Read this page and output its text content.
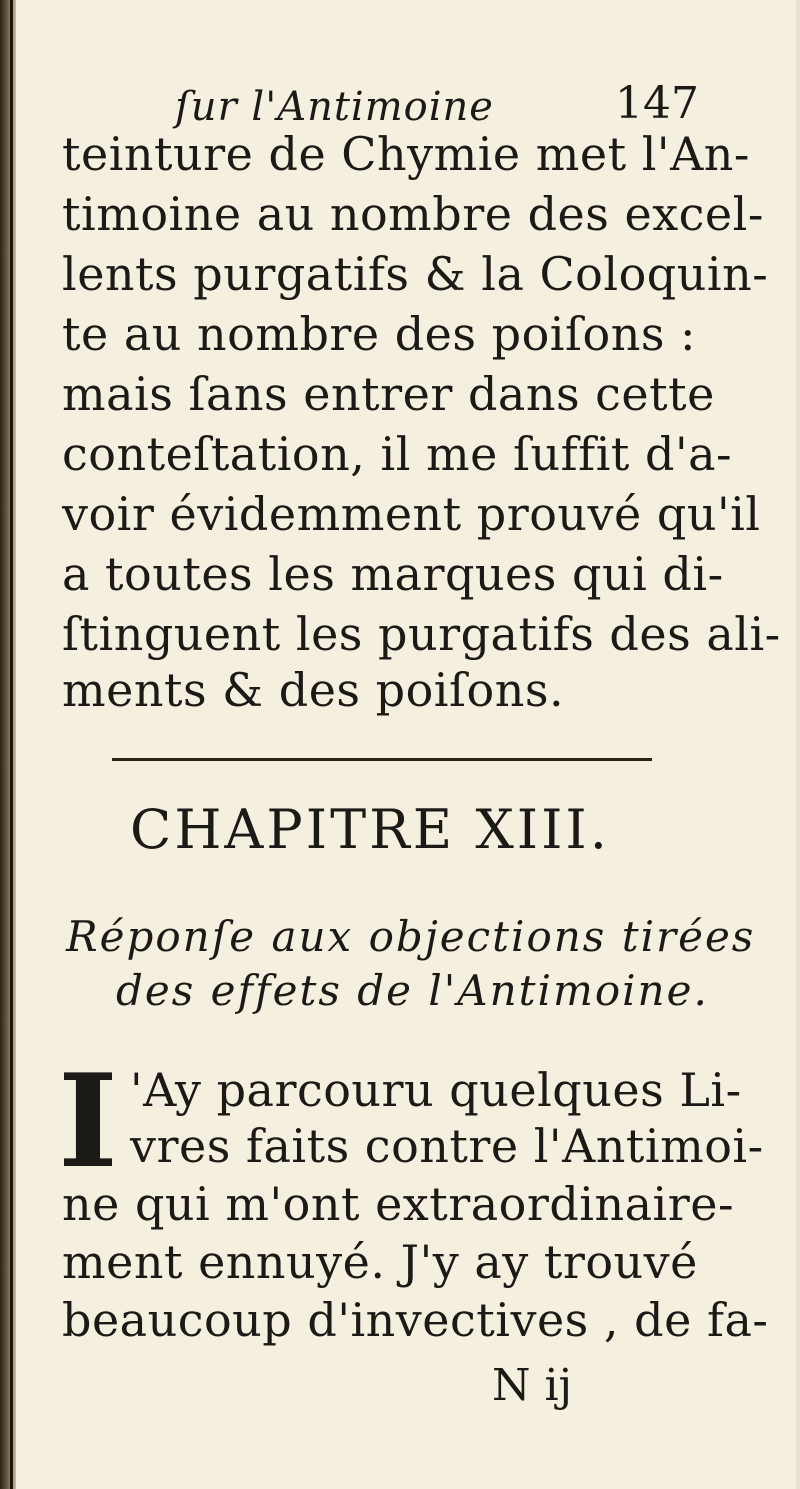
ſur l'Antimoine	147
teinture de Chymie met l'An-
timoine au nombre des excel-
lents purgatifs & la Coloquin-
te au nombre des poiſons :
mais ſans entrer dans cette
conteſtation, il me ſuffit d'a-
voir évidemment prouvé qu'il
a toutes les marques qui di-
ſtinguent les purgatifs des ali-
ments & des poiſons.
CHAPITRE XIII.
Réponſe aux objections tirées
des effets de l'Antimoine.
I 'Ay parcouru quelques Li-
vres faits contre l'Antimoi-
ne qui m'ont extraordinaire-
ment ennuyé. J'y ay trouvé
beaucoup d'invectives , de fa-
N ij
